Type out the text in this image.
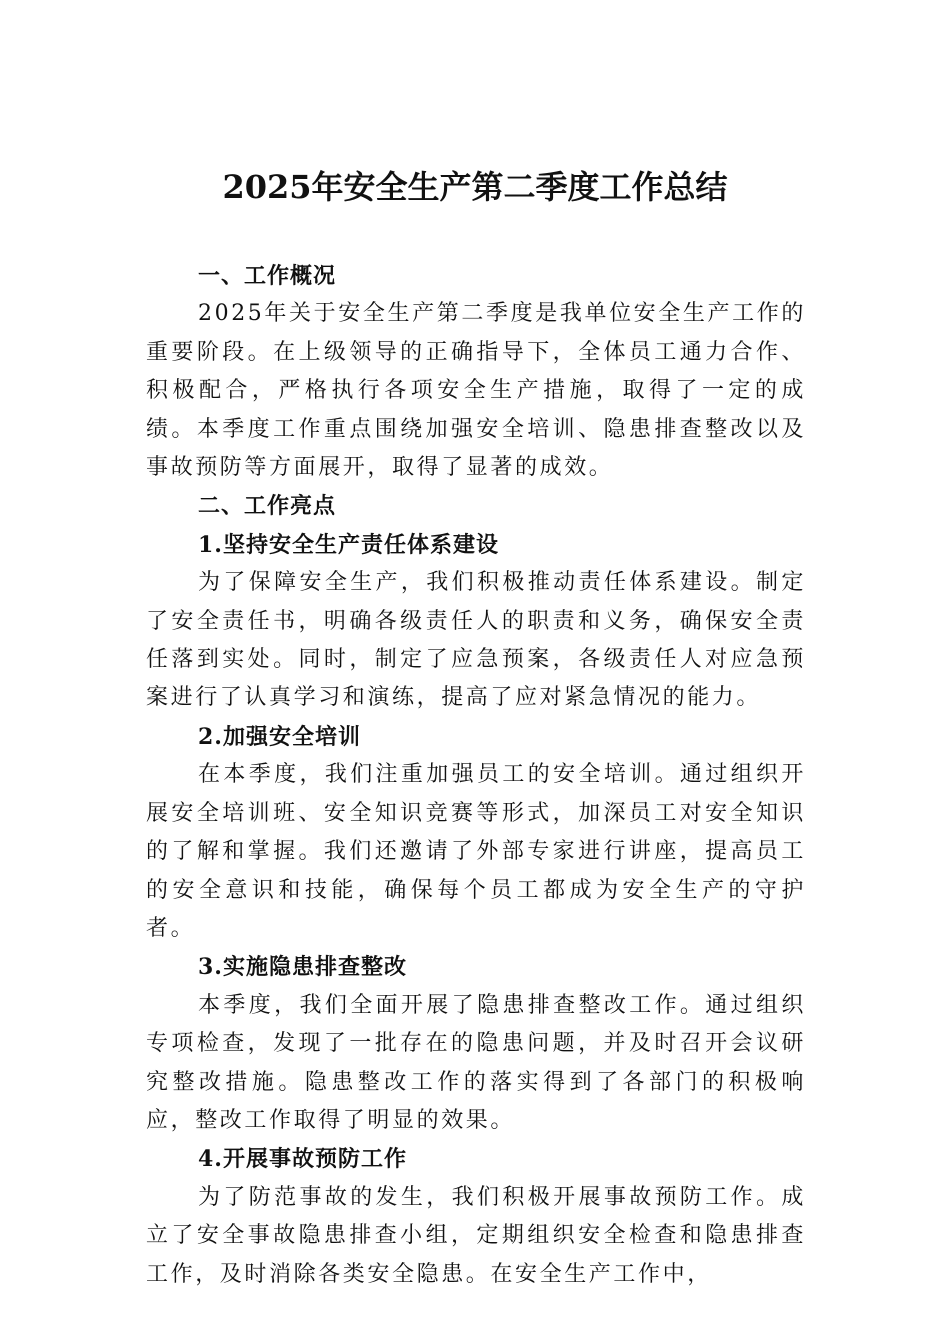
2025年安全生产第二季度工作总结

一、工作概况

2025年关于安全生产第二季度是我单位安全生产工作的重要阶段。在上级领导的正确指导下，全体员工通力合作、积极配合，严格执行各项安全生产措施，取得了一定的成绩。本季度工作重点围绕加强安全培训、隐患排查整改以及事故预防等方面展开，取得了显著的成效。

二、工作亮点

1.坚持安全生产责任体系建设

为了保障安全生产，我们积极推动责任体系建设。制定了安全责任书，明确各级责任人的职责和义务，确保安全责任落到实处。同时，制定了应急预案，各级责任人对应急预案进行了认真学习和演练，提高了应对紧急情况的能力。

2.加强安全培训

在本季度，我们注重加强员工的安全培训。通过组织开展安全培训班、安全知识竞赛等形式，加深员工对安全知识的了解和掌握。我们还邀请了外部专家进行讲座，提高员工的安全意识和技能，确保每个员工都成为安全生产的守护者。

3.实施隐患排查整改

本季度，我们全面开展了隐患排查整改工作。通过组织专项检查，发现了一批存在的隐患问题，并及时召开会议研究整改措施。隐患整改工作的落实得到了各部门的积极响应，整改工作取得了明显的效果。

4.开展事故预防工作

为了防范事故的发生，我们积极开展事故预防工作。成立了安全事故隐患排查小组，定期组织安全检查和隐患排查工作，及时消除各类安全隐患。在安全生产工作中，
